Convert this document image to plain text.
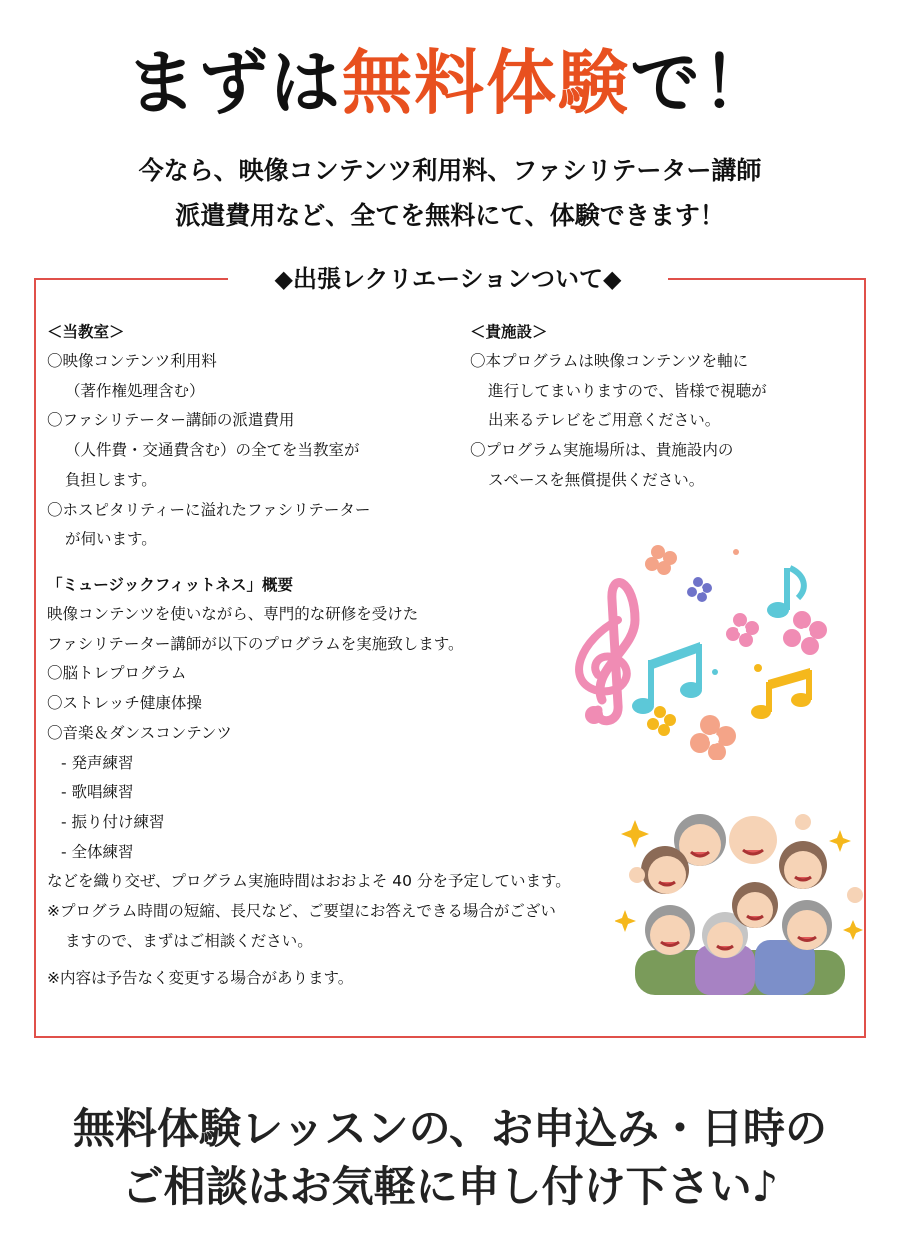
まずは無料体験で！
今なら、映像コンテンツ利用料、ファシリテーター講師
派遣費用など、全てを無料にて、体験できます！
◆出張レクリエーションついて◆
＜当教室＞
〇映像コンテンツ利用料
（著作権処理含む）
〇ファシリテーター講師の派遣費用
（人件費・交通費含む）の全てを当教室が
負担します。
〇ホスピタリティーに溢れたファシリテーター
が伺います。
＜貴施設＞
〇本プログラムは映像コンテンツを軸に
進行してまいりますので、皆様で視聴が
出来るテレビをご用意ください。
〇プログラム実施場所は、貴施設内の
スペースを無償提供ください。
「ミュージックフィットネス」概要
映像コンテンツを使いながら、専門的な研修を受けた
ファシリテーター講師が以下のプログラムを実施致します。
〇脳トレプログラム
〇ストレッチ健康体操
〇音楽＆ダンスコンテンツ
- 発声練習
- 歌唱練習
- 振り付け練習
- 全体練習
などを織り交ぜ、プログラム実施時間はおおよそ 40 分を予定しています。
※プログラム時間の短縮、長尺など、ご要望にお答えできる場合がござい
ますので、まずはご相談ください。
※内容は予告なく変更する場合があります。
無料体験レッスンの、お申込み・日時の
ご相談はお気軽に申し付け下さい♪
